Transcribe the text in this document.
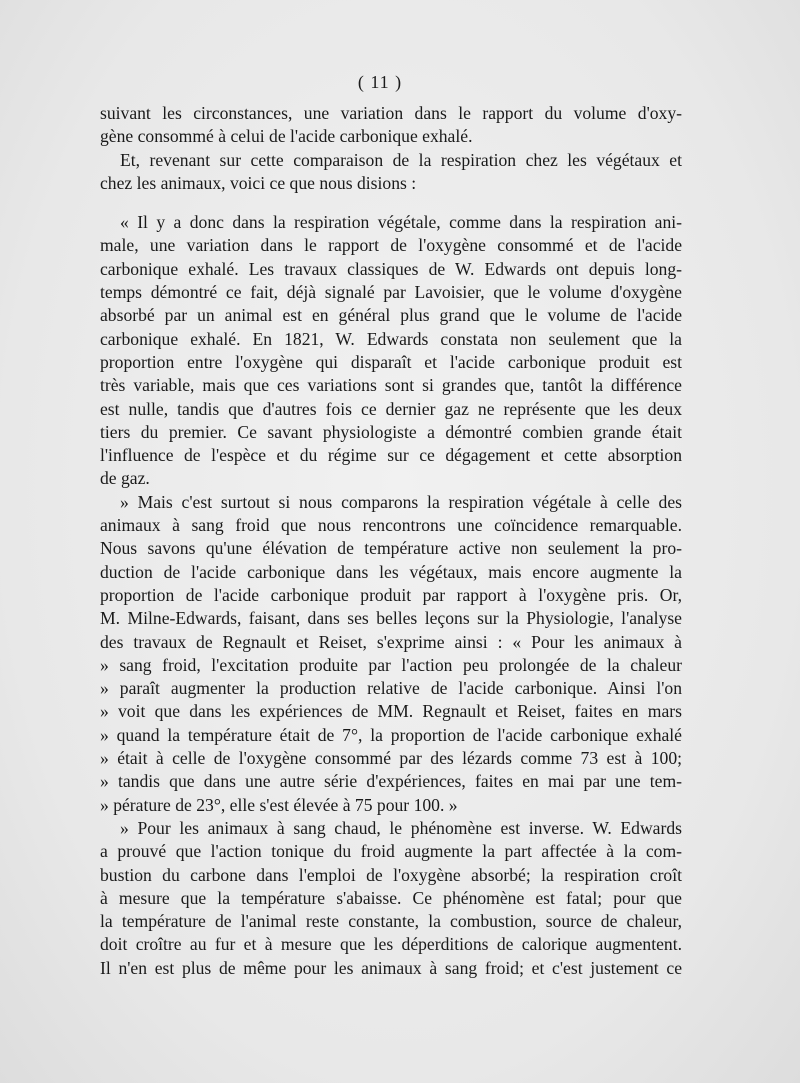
( 11 )
suivant les circonstances, une variation dans le rapport du volume d'oxy-
gène consommé à celui de l'acide carbonique exhalé.
Et, revenant sur cette comparaison de la respiration chez les végétaux et
chez les animaux, voici ce que nous disions :
« Il y a donc dans la respiration végétale, comme dans la respiration ani-
male, une variation dans le rapport de l'oxygène consommé et de l'acide
carbonique exhalé. Les travaux classiques de W. Edwards ont depuis long-
temps démontré ce fait, déjà signalé par Lavoisier, que le volume d'oxygène
absorbé par un animal est en général plus grand que le volume de l'acide
carbonique exhalé. En 1821, W. Edwards constata non seulement que la
proportion entre l'oxygène qui disparaît et l'acide carbonique produit est
très variable, mais que ces variations sont si grandes que, tantôt la différence
est nulle, tandis que d'autres fois ce dernier gaz ne représente que les deux
tiers du premier. Ce savant physiologiste a démontré combien grande était
l'influence de l'espèce et du régime sur ce dégagement et cette absorption
de gaz.
» Mais c'est surtout si nous comparons la respiration végétale à celle des
animaux à sang froid que nous rencontrons une coïncidence remarquable.
Nous savons qu'une élévation de température active non seulement la pro-
duction de l'acide carbonique dans les végétaux, mais encore augmente la
proportion de l'acide carbonique produit par rapport à l'oxygène pris. Or,
M. Milne-Edwards, faisant, dans ses belles leçons sur la Physiologie, l'analyse
des travaux de Regnault et Reiset, s'exprime ainsi : « Pour les animaux à
» sang froid, l'excitation produite par l'action peu prolongée de la chaleur
» paraît augmenter la production relative de l'acide carbonique. Ainsi l'on
» voit que dans les expériences de MM. Regnault et Reiset, faites en mars
» quand la température était de 7°, la proportion de l'acide carbonique exhalé
» était à celle de l'oxygène consommé par des lézards comme 73 est à 100;
» tandis que dans une autre série d'expériences, faites en mai par une tem-
» pérature de 23°, elle s'est élevée à 75 pour 100. »
» Pour les animaux à sang chaud, le phénomène est inverse. W. Edwards
a prouvé que l'action tonique du froid augmente la part affectée à la com-
bustion du carbone dans l'emploi de l'oxygène absorbé; la respiration croît
à mesure que la température s'abaisse. Ce phénomène est fatal; pour que
la température de l'animal reste constante, la combustion, source de chaleur,
doit croître au fur et à mesure que les déperditions de calorique augmentent.
Il n'en est plus de même pour les animaux à sang froid; et c'est justement ce
